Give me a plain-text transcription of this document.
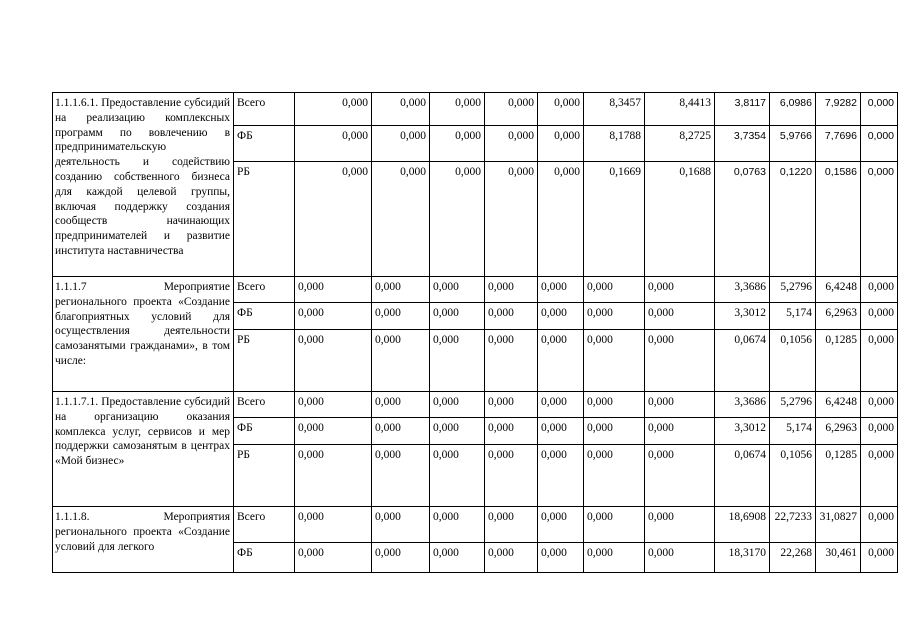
1.1.1.6.1. Предоставление субсидий на реализацию комплексных программ по вовлечению в предпринимательскую деятельность и содействию созданию собственного бизнеса для каждой целевой группы, включая поддержку создания сообществ начинающих предпринимателей и развитие института наставничества	Всего	0,000	0,000	0,000	0,000	0,000	8,3457	8,4413	3,8117	6,0986	7,9282	0,000
	ФБ	0,000	0,000	0,000	0,000	0,000	8,1788	8,2725	3,7354	5,9766	7,7696	0,000
	РБ	0,000	0,000	0,000	0,000	0,000	0,1669	0,1688	0,0763	0,1220	0,1586	0,000
1.1.1.7 Мероприятие регионального проекта «Создание благоприятных условий для осуществления деятельности самозанятыми гражданами», в том числе:	Всего	0,000	0,000	0,000	0,000	0,000	0,000	0,000	3,3686	5,2796	6,4248	0,000
	ФБ	0,000	0,000	0,000	0,000	0,000	0,000	0,000	3,3012	5,174	6,2963	0,000
	РБ	0,000	0,000	0,000	0,000	0,000	0,000	0,000	0,0674	0,1056	0,1285	0,000
1.1.1.7.1. Предоставление субсидий на организацию оказания комплекса услуг, сервисов и мер поддержки самозанятым в центрах «Мой бизнес»	Всего	0,000	0,000	0,000	0,000	0,000	0,000	0,000	3,3686	5,2796	6,4248	0,000
	ФБ	0,000	0,000	0,000	0,000	0,000	0,000	0,000	3,3012	5,174	6,2963	0,000
	РБ	0,000	0,000	0,000	0,000	0,000	0,000	0,000	0,0674	0,1056	0,1285	0,000
1.1.1.8. Мероприятия регионального проекта «Создание условий для легкого	Всего	0,000	0,000	0,000	0,000	0,000	0,000	0,000	18,6908	22,7233	31,0827	0,000
	ФБ	0,000	0,000	0,000	0,000	0,000	0,000	0,000	18,3170	22,268	30,461	0,000
